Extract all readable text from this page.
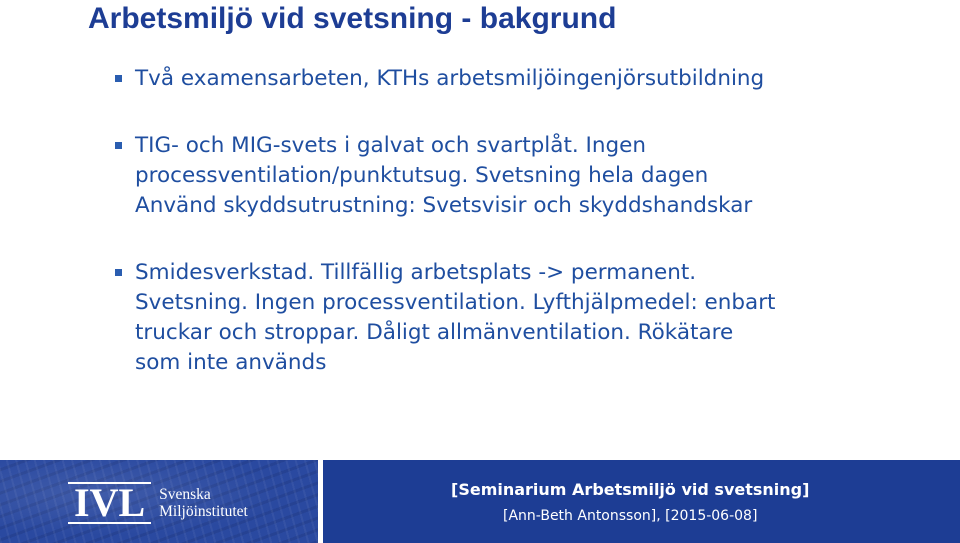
Arbetsmiljö vid svetsning - bakgrund
Två examensarbeten, KTHs arbetsmiljöingenjörsutbildning
TIG- och MIG-svets i galvat och svartplåt. Ingen
processventilation/punktutsug. Svetsning hela dagen
Använd skyddsutrustning: Svetsvisir och skyddshandskar
Smidesverkstad. Tillfällig arbetsplats -> permanent.
Svetsning. Ingen processventilation. Lyfthjälpmedel: enbart
truckar och stroppar. Dåligt allmänventilation. Rökätare
som inte används
IVL Svenska
Miljöinstitutet
[Seminarium Arbetsmiljö vid svetsning]
[Ann-Beth Antonsson], [2015-06-08]
